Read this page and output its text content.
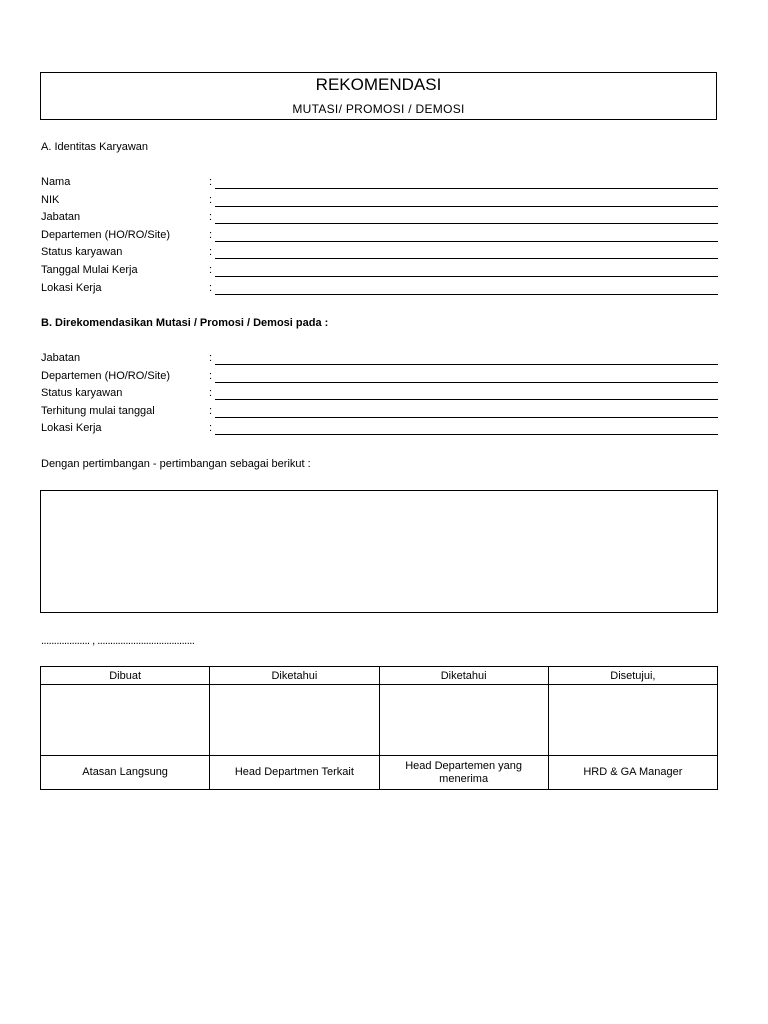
REKOMENDASI
MUTASI/ PROMOSI / DEMOSI
A. Identitas Karyawan
Nama	:
NIK	:
Jabatan	:
Departemen (HO/RO/Site)	:
Status karyawan	:
Tanggal Mulai Kerja	:
Lokasi Kerja	:
B. Direkomendasikan Mutasi / Promosi / Demosi pada :
Jabatan	:
Departemen (HO/RO/Site)	:
Status karyawan	:
Terhitung mulai tanggal	:
Lokasi Kerja	:
Dengan pertimbangan - pertimbangan sebagai berikut :
................... , ......................................
Dibuat	Diketahui	Diketahui	Disetujui,

Atasan Langsung	Head Departmen Terkait	Head Departemen yang menerima	HRD & GA Manager
